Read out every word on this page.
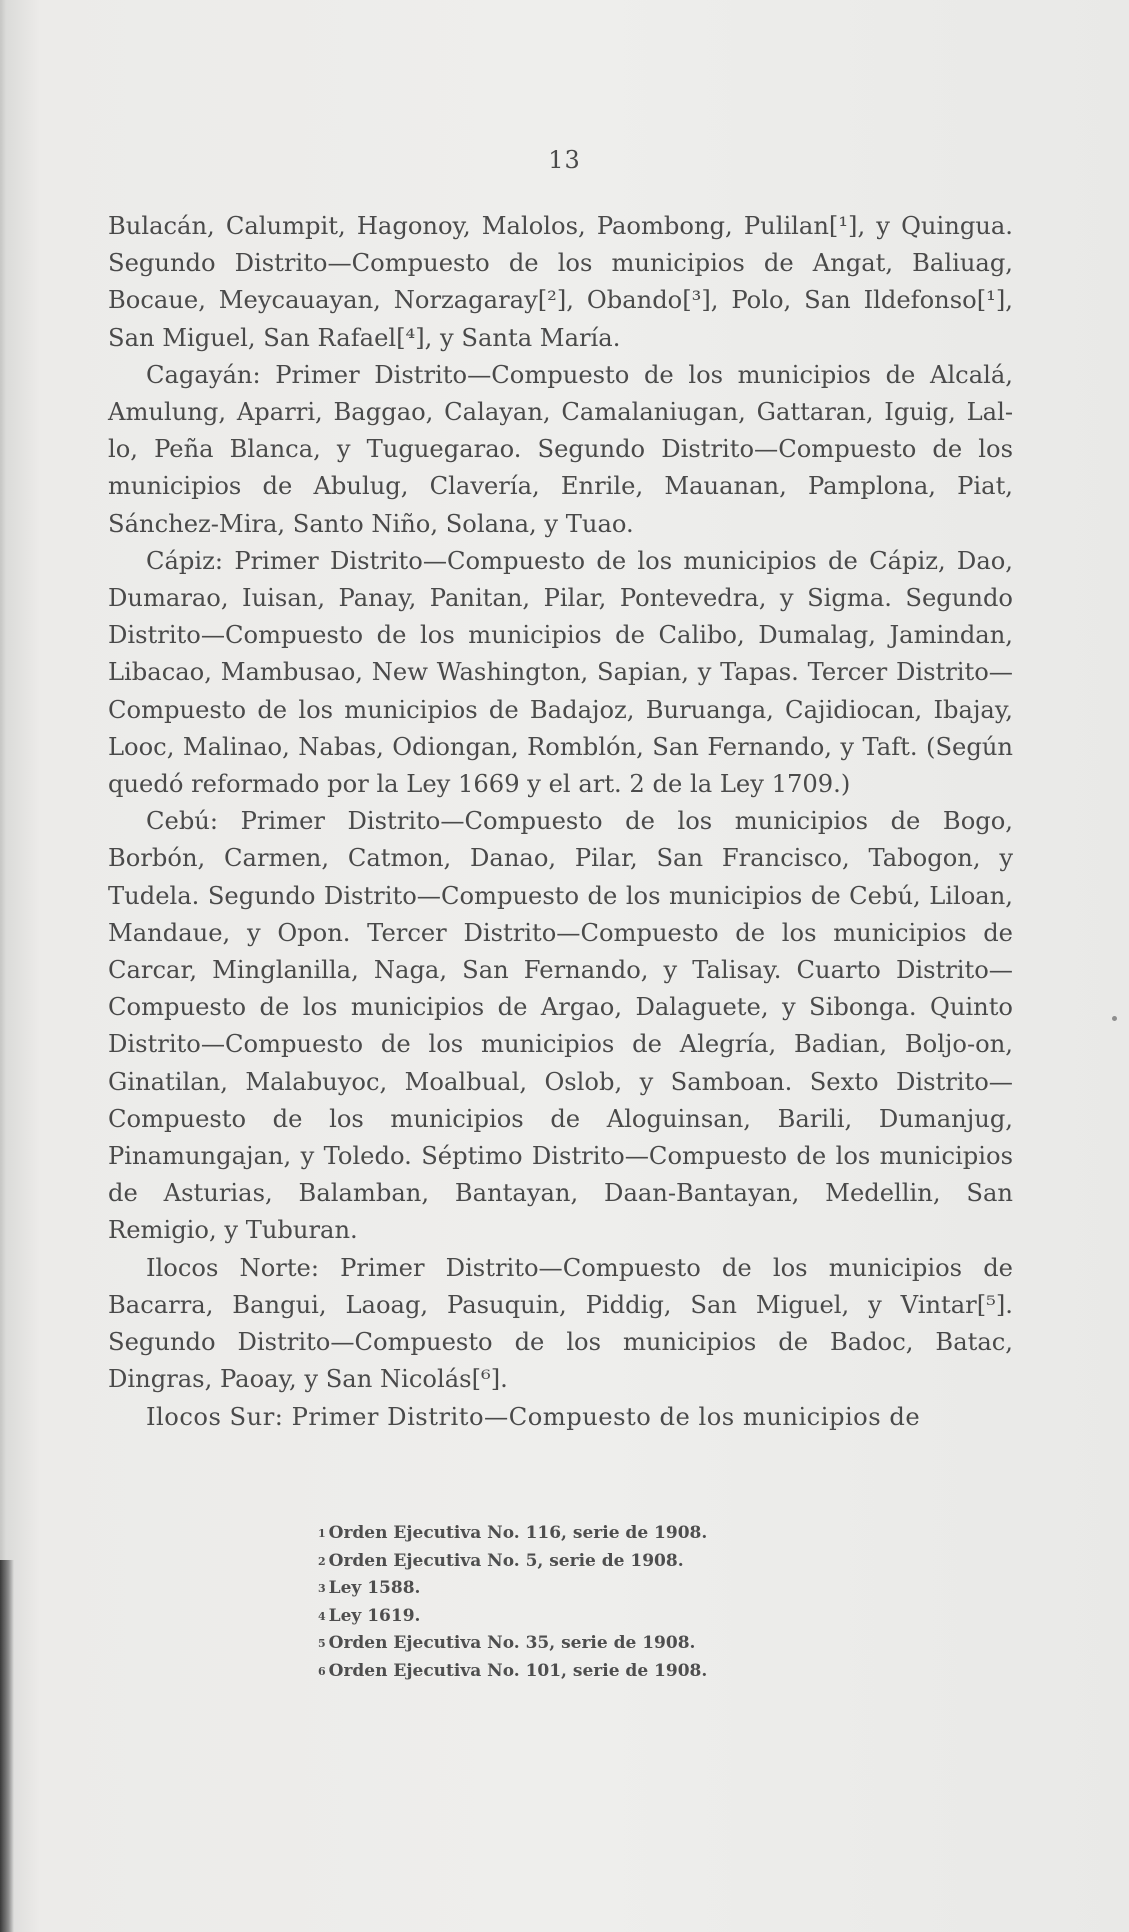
13

Bulacán, Calumpit, Hagonoy, Malolos, Paombong, Pulilan[¹], y Quingua. Segundo Distrito—Compuesto de los municipios de Angat, Baliuag, Bocaue, Meycauayan, Norzagaray[²], Obando[³], Polo, San Ildefonso[¹], San Miguel, San Rafael[⁴], y Santa María.

Cagayán: Primer Distrito—Compuesto de los municipios de Alcalá, Amulung, Aparri, Baggao, Calayan, Camalaniugan, Gattaran, Iguig, Lal-lo, Peña Blanca, y Tuguegarao. Segundo Distrito—Compuesto de los municipios de Abulug, Clavería, Enrile, Mauanan, Pamplona, Piat, Sánchez-Mira, Santo Niño, Solana, y Tuao.

Cápiz: Primer Distrito—Compuesto de los municipios de Cápiz, Dao, Dumarao, Iuisan, Panay, Panitan, Pilar, Pontevedra, y Sigma. Segundo Distrito—Compuesto de los municipios de Calibo, Dumalag, Jamindan, Libacao, Mambusao, New Washington, Sapian, y Tapas. Tercer Distrito—Compuesto de los municipios de Badajoz, Buruanga, Cajidiocan, Ibajay, Looc, Malinao, Nabas, Odiongan, Romblón, San Fernando, y Taft. (Según quedó reformado por la Ley 1669 y el art. 2 de la Ley 1709.)

Cebú: Primer Distrito—Compuesto de los municipios de Bogo, Borbón, Carmen, Catmon, Danao, Pilar, San Francisco, Tabogon, y Tudela. Segundo Distrito—Compuesto de los municipios de Cebú, Liloan, Mandaue, y Opon. Tercer Distrito—Compuesto de los municipios de Carcar, Minglanilla, Naga, San Fernando, y Talisay. Cuarto Distrito—Compuesto de los municipios de Argao, Dalaguete, y Sibonga. Quinto Distrito—Compuesto de los municipios de Alegría, Badian, Boljo-on, Ginatilan, Malabuyoc, Moalbual, Oslob, y Samboan. Sexto Distrito—Compuesto de los municipios de Aloguinsan, Barili, Dumanjug, Pinamungajan, y Toledo. Séptimo Distrito—Compuesto de los municipios de Asturias, Balamban, Bantayan, Daan-Bantayan, Medellin, San Remigio, y Tuburan.

Ilocos Norte: Primer Distrito—Compuesto de los municipios de Bacarra, Bangui, Laoag, Pasuquin, Piddig, San Miguel, y Vintar[⁵]. Segundo Distrito—Compuesto de los municipios de Badoc, Batac, Dingras, Paoay, y San Nicolás[⁶].

Ilocos Sur: Primer Distrito—Compuesto de los municipios de

$^1$ Orden Ejecutiva No. 116, serie de 1908.
$^2$ Orden Ejecutiva No. 5, serie de 1908.
$^3$ Ley 1588.
$^4$ Ley 1619.
$^5$ Orden Ejecutiva No. 35, serie de 1908.
$^6$ Orden Ejecutiva No. 101, serie de 1908.
